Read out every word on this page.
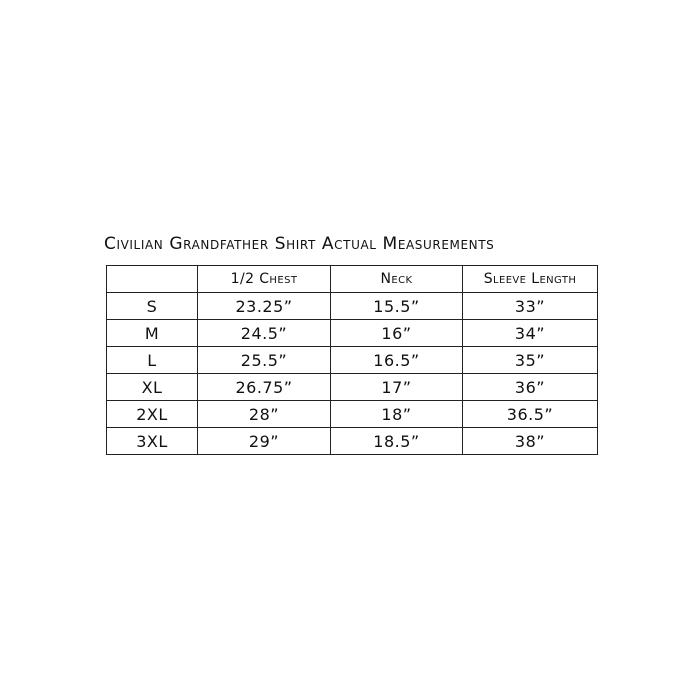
Civilian Grandfather Shirt Actual Measurements
	1/2 Chest	Neck	Sleeve Length
S	23.25”	15.5”	33”
M	24.5”	16”	34”
L	25.5”	16.5”	35”
XL	26.75”	17”	36”
2XL	28”	18”	36.5”
3XL	29”	18.5”	38”
